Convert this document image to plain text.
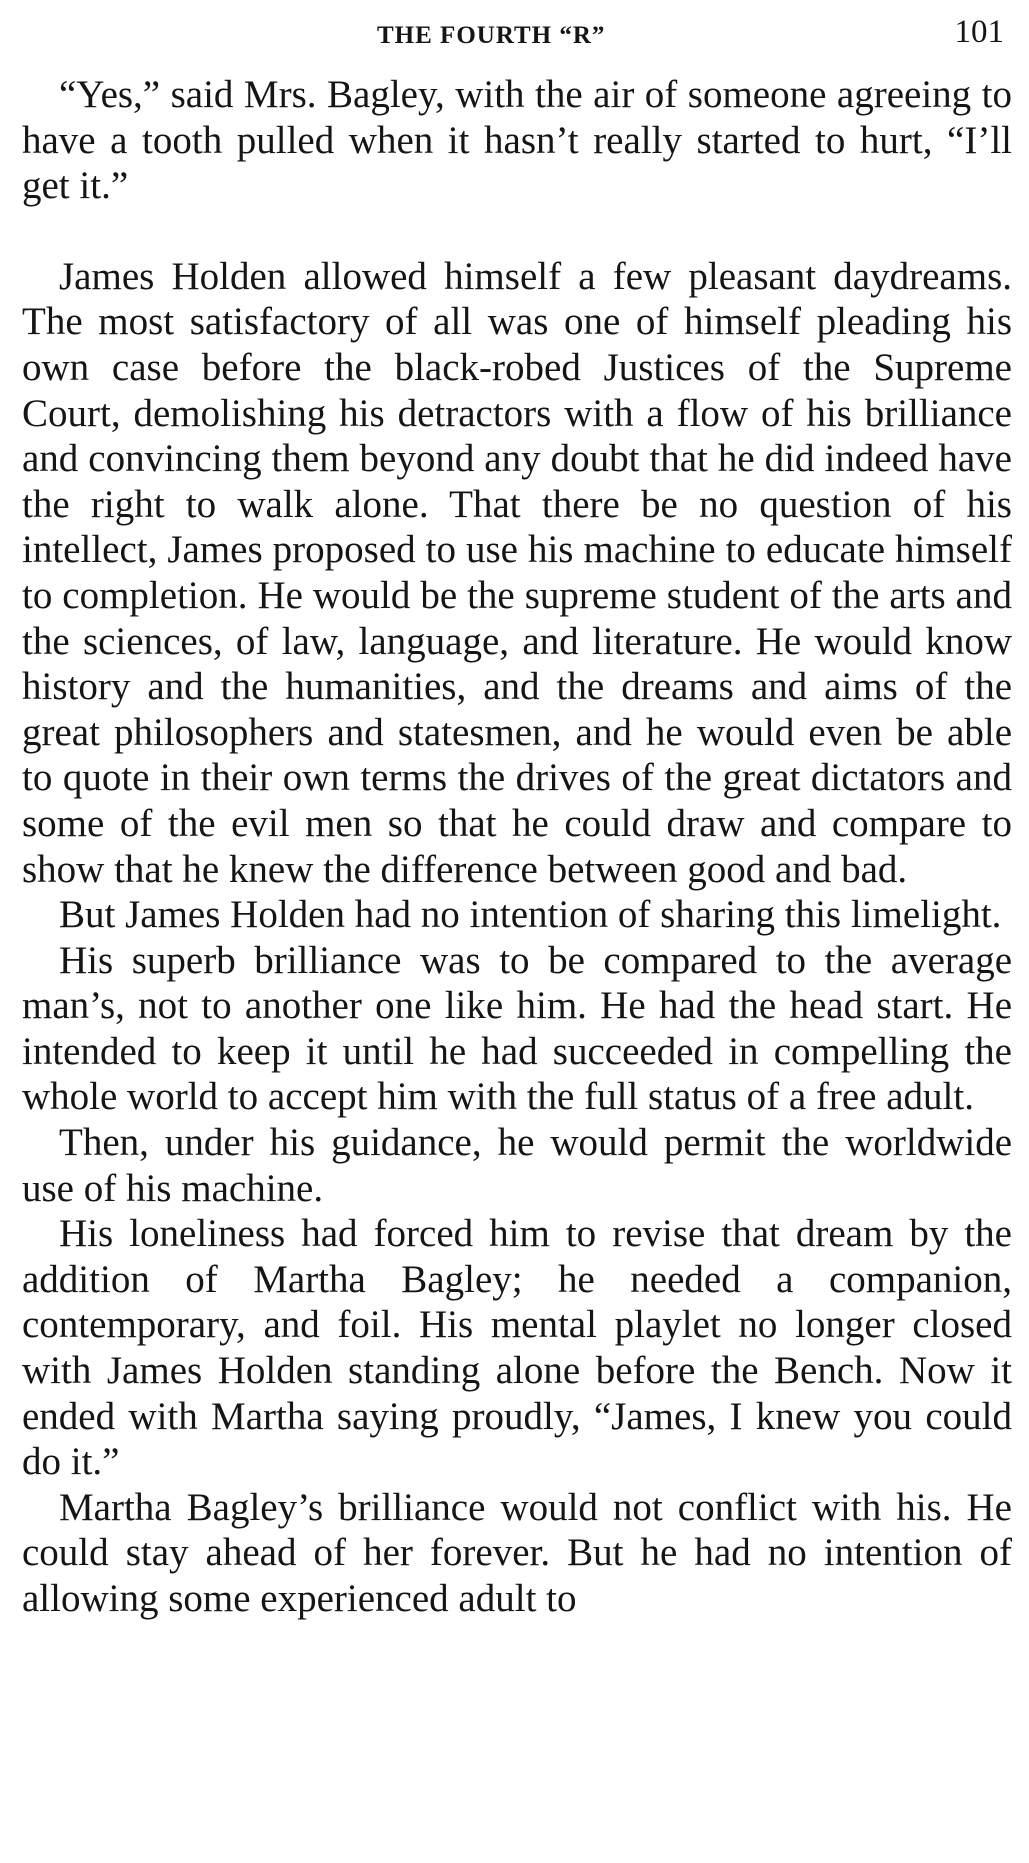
THE FOURTH “R”	101

“Yes,” said Mrs. Bagley, with the air of someone agreeing to have a tooth pulled when it hasn’t really started to hurt, “I’ll get it.”

James Holden allowed himself a few pleasant daydreams. The most satisfactory of all was one of himself pleading his own case before the black-robed Justices of the Supreme Court, demolishing his detractors with a flow of his brilliance and convincing them beyond any doubt that he did indeed have the right to walk alone. That there be no question of his intellect, James proposed to use his machine to educate himself to completion. He would be the supreme student of the arts and the sciences, of law, language, and literature. He would know history and the humanities, and the dreams and aims of the great philosophers and statesmen, and he would even be able to quote in their own terms the drives of the great dictators and some of the evil men so that he could draw and compare to show that he knew the difference between good and bad.

But James Holden had no intention of sharing this limelight.

His superb brilliance was to be compared to the average man’s, not to another one like him. He had the head start. He intended to keep it until he had succeeded in compelling the whole world to accept him with the full status of a free adult.

Then, under his guidance, he would permit the worldwide use of his machine.

His loneliness had forced him to revise that dream by the addition of Martha Bagley; he needed a companion, contemporary, and foil. His mental playlet no longer closed with James Holden standing alone before the Bench. Now it ended with Martha saying proudly, “James, I knew you could do it.”

Martha Bagley’s brilliance would not conflict with his. He could stay ahead of her forever. But he had no intention of allowing some experienced adult to
